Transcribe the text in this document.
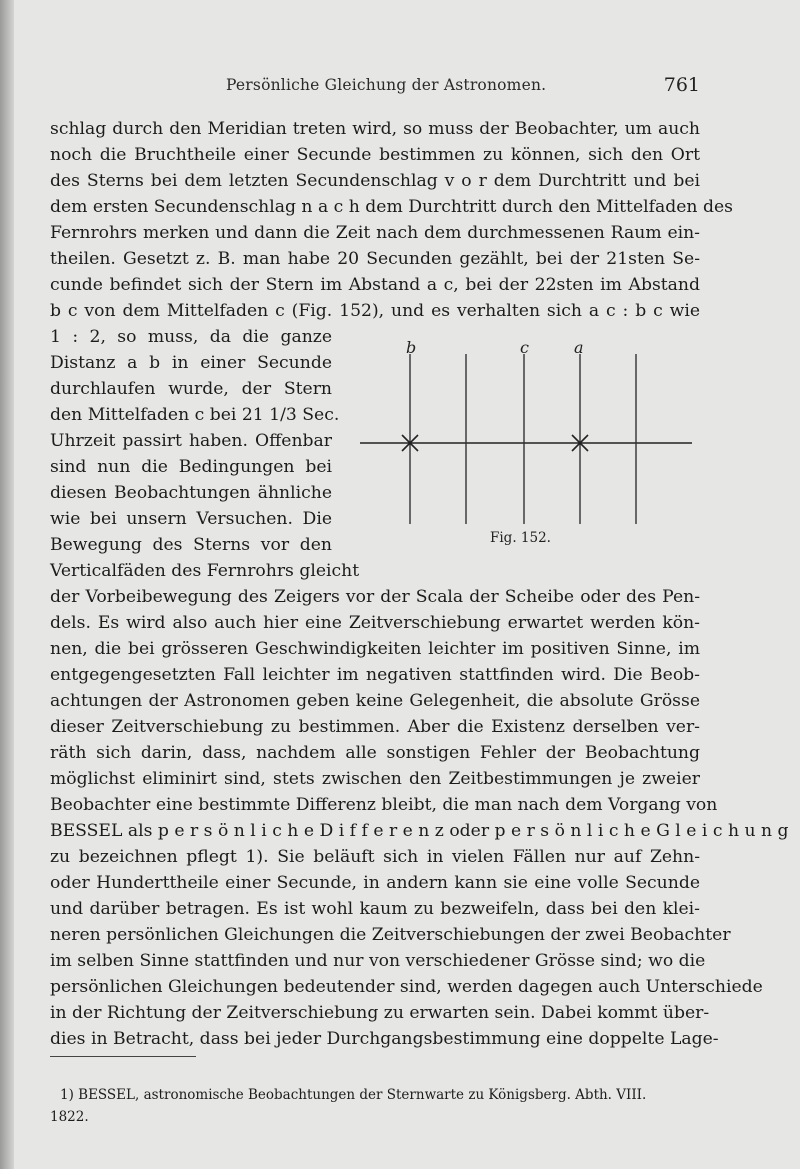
Persönliche Gleichung der Astronomen.	761
schlag durch den Meridian treten wird, so muss der Beobachter, um auch
noch die Bruchtheile einer Secunde bestimmen zu können, sich den Ort
des Sterns bei dem letzten Secundenschlag v o r dem Durchtritt und bei
dem ersten Secundenschlag n a c h dem Durchtritt durch den Mittelfaden des
Fernrohrs merken und dann die Zeit nach dem durchmessenen Raum ein-
theilen. Gesetzt z. B. man habe 20 Secunden gezählt, bei der 21sten Se-
cunde befindet sich der Stern im Abstand a c, bei der 22sten im Abstand
b c von dem Mittelfaden c (Fig. 152), und es verhalten sich a c : b c wie
1 : 2, so muss, da die ganze
Distanz a b in einer Secunde
durchlaufen wurde, der Stern
den Mittelfaden c bei 21 1/3 Sec.
Uhrzeit passirt haben. Offenbar
sind nun die Bedingungen bei
diesen Beobachtungen ähnliche
wie bei unsern Versuchen. Die
Bewegung des Sterns vor den
Verticalfäden des Fernrohrs gleicht
der Vorbeibewegung des Zeigers vor der Scala der Scheibe oder des Pen-
dels. Es wird also auch hier eine Zeitverschiebung erwartet werden kön-
nen, die bei grösseren Geschwindigkeiten leichter im positiven Sinne, im
entgegengesetzten Fall leichter im negativen stattfinden wird. Die Beob-
achtungen der Astronomen geben keine Gelegenheit, die absolute Grösse
dieser Zeitverschiebung zu bestimmen. Aber die Existenz derselben ver-
räth sich darin, dass, nachdem alle sonstigen Fehler der Beobachtung
möglichst eliminirt sind, stets zwischen den Zeitbestimmungen je zweier
Beobachter eine bestimmte Differenz bleibt, die man nach dem Vorgang von
BESSEL als p e r s ö n l i c h e D i f f e r e n z oder p e r s ö n l i c h e G l e i c h u n g
zu bezeichnen pflegt 1). Sie beläuft sich in vielen Fällen nur auf Zehn-
oder Hunderttheile einer Secunde, in andern kann sie eine volle Secunde
und darüber betragen. Es ist wohl kaum zu bezweifeln, dass bei den klei-
neren persönlichen Gleichungen die Zeitverschiebungen der zwei Beobachter
im selben Sinne stattfinden und nur von verschiedener Grösse sind; wo die
persönlichen Gleichungen bedeutender sind, werden dagegen auch Unterschiede
in der Richtung der Zeitverschiebung zu erwarten sein. Dabei kommt über-
dies in Betracht, dass bei jeder Durchgangsbestimmung eine doppelte Lage-
b	c	a
Fig. 152.
1) BESSEL, astronomische Beobachtungen der Sternwarte zu Königsberg. Abth. VIII.
1822.
